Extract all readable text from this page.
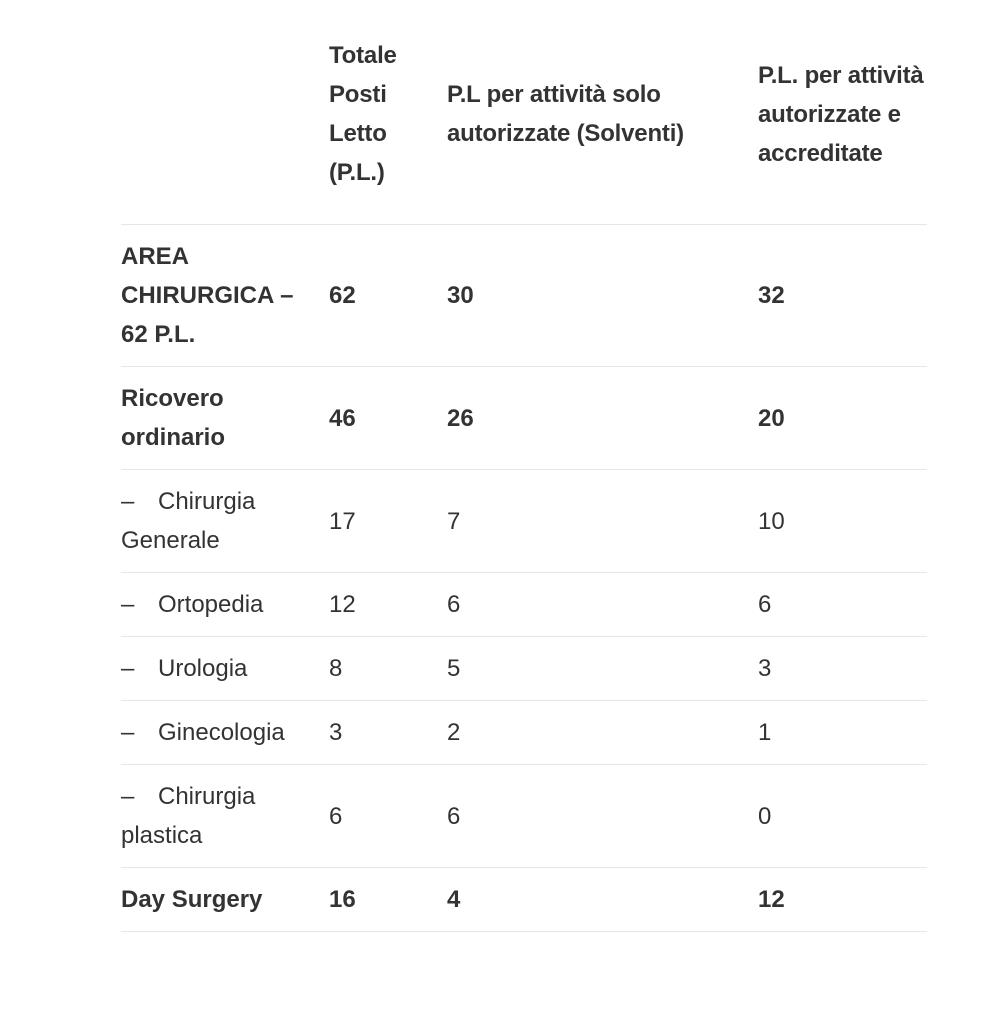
	Totale Posti Letto (P.L.)	P.L per attività solo autorizzate (Solventi)	P.L. per attività autorizzate e accreditate
AREA CHIRURGICA – 62 P.L.	62	30	32
Ricovero ordinario	46	26	20
– Chirurgia Generale	17	7	10
– Ortopedia	12	6	6
– Urologia	8	5	3
– Ginecologia	3	2	1
– Chirurgia plastica	6	6	0
Day Surgery	16	4	12
